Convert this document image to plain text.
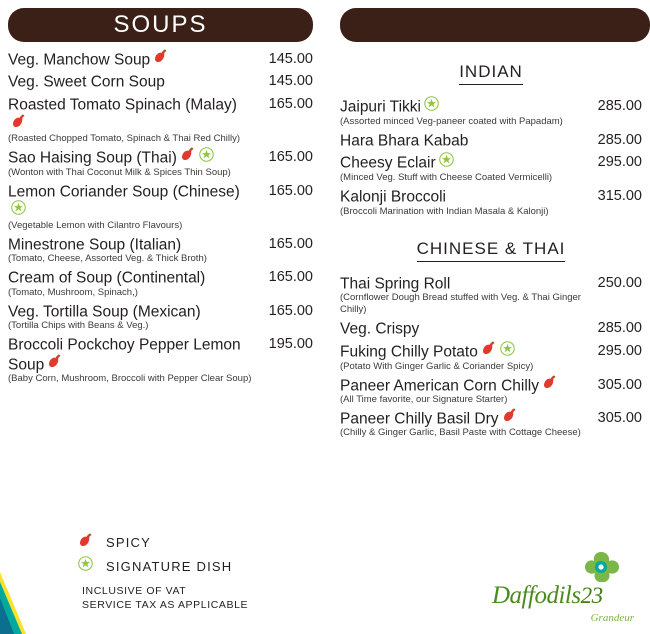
SOUPS
Veg. Manchow Soup	145.00
Veg. Sweet Corn Soup	145.00
Roasted Tomato Spinach (Malay)
(Roasted Chopped Tomato, Spinach & Thai Red Chilly)
165.00
Sao Haising Soup (Thai)
(Wonton with Thai Coconut Milk & Spices Thin Soup)
165.00
Lemon Coriander Soup (Chinese)
(Vegetable Lemon with Cilantro Flavours)
165.00
Minestrone Soup (Italian)
(Tomato, Cheese, Assorted Veg. & Thick Broth)
165.00
Cream of Soup (Continental)
(Tomato, Mushroom, Spinach,)
165.00
Veg. Tortilla Soup (Mexican)
(Tortilla Chips with Beans & Veg.)
165.00
Broccoli Pockchoy Pepper Lemon Soup
(Baby Corn, Mushroom, Broccoli with Pepper Clear Soup)
195.00
INDIAN
Jaipuri Tikki
(Assorted minced Veg-paneer coated with Papadam)
285.00
Hara Bhara Kabab	285.00
Cheesy Eclair
(Minced Veg. Stuff with Cheese Coated Vermicelli)
295.00
Kalonji Broccoli
(Broccoli Marination with Indian Masala & Kalonji)
315.00
CHINESE & THAI
Thai Spring Roll
(Cornflower Dough Bread stuffed with Veg. & Thai Ginger Chilly)
250.00
Veg. Crispy	285.00
Fuking Chilly Potato
(Potato With Ginger Garlic & Coriander Spicy)
295.00
Paneer American Corn Chilly
(All Time favorite, our Signature Starter)
305.00
Paneer Chilly Basil Dry
(Chilly & Ginger Garlic, Basil Paste with Cottage Cheese)
305.00
SPICY
SIGNATURE DISH
INCLUSIVE OF VAT
SERVICE TAX AS APPLICABLE	Daffodils23
Grandeur
